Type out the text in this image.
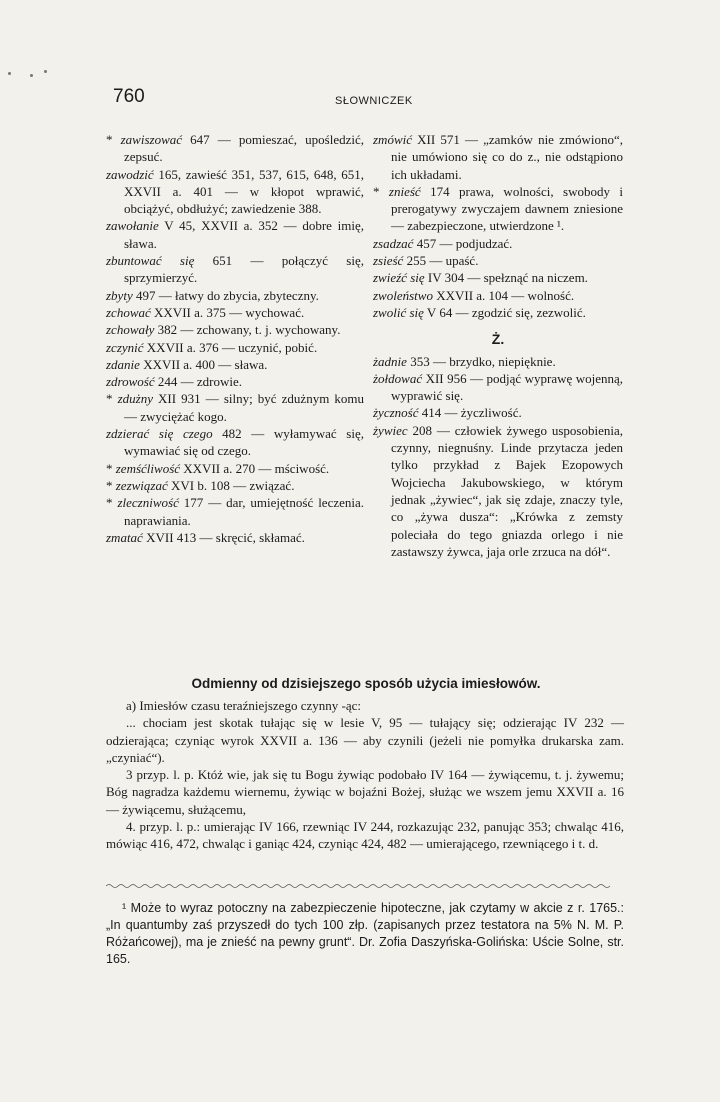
760	SŁOWNICZEK

* zawiszować 647 — pomieszać, upośledzić, zepsuć.

zawodzić 165, zawieść 351, 537, 615, 648, 651, XXVII a. 401 — w kłopot wprawić, obciążyć, obdłużyć; zawiedzenie 388.

zawołanie V 45, XXVII a. 352 — dobre imię, sława.

zbuntować się 651 — połączyć się, sprzymierzyć.

zbyty 497 — łatwy do zbycia, zbyteczny.

zchować XXVII a. 375 — wychować.

zchowały 382 — zchowany, t. j. wychowany.

zczynić XXVII a. 376 — uczynić, pobić.

zdanie XXVII a. 400 — sława.

zdrowość 244 — zdrowie.

* zdużny XII 931 — silny; być zdużnym komu — zwyciężać kogo.

zdzierać się czego 482 — wyłamywać się, wymawiać się od czego.

* zemśćliwość XXVII a. 270 — mściwość.

* zezwiązać XVI b. 108 — związać.

* zleczniwość 177 — dar, umiejętność leczenia. naprawiania.

zmatać XVII 413 — skręcić, skłamać.

zmówić XII 571 — „zamków nie zmówiono“, nie umówiono się co do z., nie odstąpiono ich układami.

* znieść 174 prawa, wolności, swobody i prerogatywy zwyczajem dawnem zniesione — zabezpieczone, utwierdzone ¹.

zsadzać 457 — podjudzać.

zsieść 255 — upaść.

zwieźć się IV 304 — spełznąć na niczem.

zwoleństwo XXVII a. 104 — wolność.

zwolić się V 64 — zgodzić się, zezwolić.

Ż.

żadnie 353 — brzydko, niepięknie.

żołdować XII 956 — podjąć wyprawę wojenną, wyprawić się.

życzność 414 — życzliwość.

żywiec 208 — człowiek żywego usposobienia, czynny, niegnuśny. Linde przytacza jeden tylko przykład z Bajek Ezopowych Wojciecha Jakubowskiego, w którym jednak „żywiec“, jak się zdaje, znaczy tyle, co „żywa dusza“: „Krówka z zemsty poleciała do tego gniazda orlego i nie zastawszy żywca, jaja orle zrzuca na dół“.

Odmienny od dzisiejszego sposób użycia imiesłowów.

a) Imiesłów czasu teraźniejszego czynny -ąc:

... chociam jest skotak tułając się w lesie V, 95 — tułający się; odzierając IV 232 — odzierająca; czyniąc wyrok XXVII a. 136 — aby czynili (jeżeli nie pomyłka drukarska zam. „czyniać“).

3 przyp. l. p. Któż wie, jak się tu Bogu żywiąc podobało IV 164 — żywiącemu, t. j. żywemu; Bóg nagradza każdemu wiernemu, żywiąc w bojaźni Bożej, służąc we wszem jemu XXVII a. 16 — żywiącemu, służącemu,

4. przyp. l. p.: umierając IV 166, rzewniąc IV 244, rozkazując 232, panując 353; chwaląc 416, mówiąc 416, 472, chwaląc i ganiąc 424, czyniąc 424, 482 — umierającego, rzewniącego i t. d.

¹ Może to wyraz potoczny na zabezpieczenie hipoteczne, jak czytamy w akcie z r. 1765.: „In quantumby zaś przyszedł do tych 100 złp. (zapisanych przez testatora na 5% N. M. P. Różańcowej), ma je znieść na pewny grunt“. Dr. Zofia Daszyńska-Golińska: Uście Solne, str. 165.
